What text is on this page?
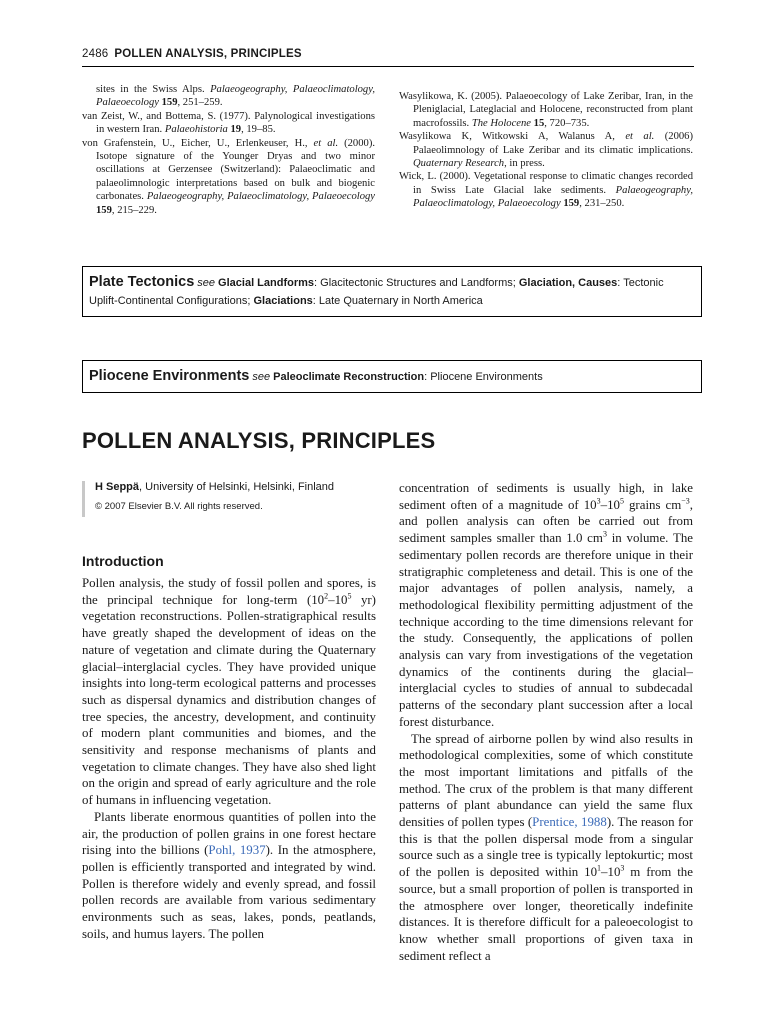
2486 POLLEN ANALYSIS, PRINCIPLES

sites in the Swiss Alps. Palaeogeography, Palaeoclimatology, Palaeoecology 159, 251–259.

van Zeist, W., and Bottema, S. (1977). Palynological investigations in western Iran. Palaeohistoria 19, 19–85.

von Grafenstein, U., Eicher, U., Erlenkeuser, H., et al. (2000). Isotope signature of the Younger Dryas and two minor oscillations at Gerzensee (Switzerland): Palaeoclimatic and palaeolimnologic interpretations based on bulk and biogenic carbonates. Palaeogeography, Palaeoclimatology, Palaeoecology 159, 215–229.

Wasylikowa, K. (2005). Palaeoecology of Lake Zeribar, Iran, in the Pleniglacial, Lateglacial and Holocene, reconstructed from plant macrofossils. The Holocene 15, 720–735.

Wasylikowa K, Witkowski A, Walanus A, et al. (2006) Palaeolimnology of Lake Zeribar and its climatic implications. Quaternary Research, in press.

Wick, L. (2000). Vegetational response to climatic changes recorded in Swiss Late Glacial lake sediments. Palaeogeography, Palaeoclimatology, Palaeoecology 159, 231–250.

Plate Tectonics see Glacial Landforms: Glacitectonic Structures and Landforms; Glaciation, Causes: Tectonic Uplift-Continental Configurations; Glaciations: Late Quaternary in North America
Pliocene Environments see Paleoclimate Reconstruction: Pliocene Environments
POLLEN ANALYSIS, PRINCIPLES
H Seppä, University of Helsinki, Helsinki, Finland
© 2007 Elsevier B.V. All rights reserved.
Introduction

Pollen analysis, the study of fossil pollen and spores, is the principal technique for long-term ($10^2-10^5$ yr) vegetation reconstructions. Pollen-stratigraphical results have greatly shaped the development of ideas on the nature of vegetation and climate during the Quaternary glacial–interglacial cycles. They have provided unique insights into long-term ecological patterns and processes such as dispersal dynamics and distribution changes of tree species, the ancestry, development, and continuity of modern plant communities and biomes, and the sensitivity and response mechanisms of plants and vegetation to climate changes. They have also shed light on the origin and spread of early agriculture and the role of humans in influencing vegetation.

Plants liberate enormous quantities of pollen into the air, the production of pollen grains in one forest hectare rising into the billions (Pohl, 1937). In the atmosphere, pollen is efficiently transported and integrated by wind. Pollen is therefore widely and evenly spread, and fossil pollen records are available from various sedimentary environments such as seas, lakes, ponds, peatlands, soils, and humus layers. The pollen

concentration of sediments is usually high, in lake sediment often of a magnitude of $10^3-10^5$ grains $cm^{-3}$, and pollen analysis can often be carried out from sediment samples smaller than 1.0 $cm^3$ in volume. The sedimentary pollen records are therefore unique in their stratigraphic completeness and detail. This is one of the major advantages of pollen analysis, namely, a methodological flexibility permitting adjustment of the technique according to the time dimensions relevant for the study. Consequently, the applications of pollen analysis can vary from investigations of the vegetation dynamics of the continents during the glacial–interglacial cycles to studies of annual to subdecadal patterns of the secondary plant succession after a local forest disturbance.

The spread of airborne pollen by wind also results in methodological complexities, some of which constitute the most important limitations and pitfalls of the method. The crux of the problem is that many different patterns of plant abundance can yield the same flux densities of pollen types (Prentice, 1988). The reason for this is that the pollen dispersal mode from a singular source such as a single tree is typically leptokurtic; most of the pollen is deposited within $10^1-10^3$ m from the source, but a small proportion of pollen is transported in the atmosphere over longer, theoretically indefinite distances. It is therefore difficult for a paleoecologist to know whether small proportions of given taxa in sediment reflect a
